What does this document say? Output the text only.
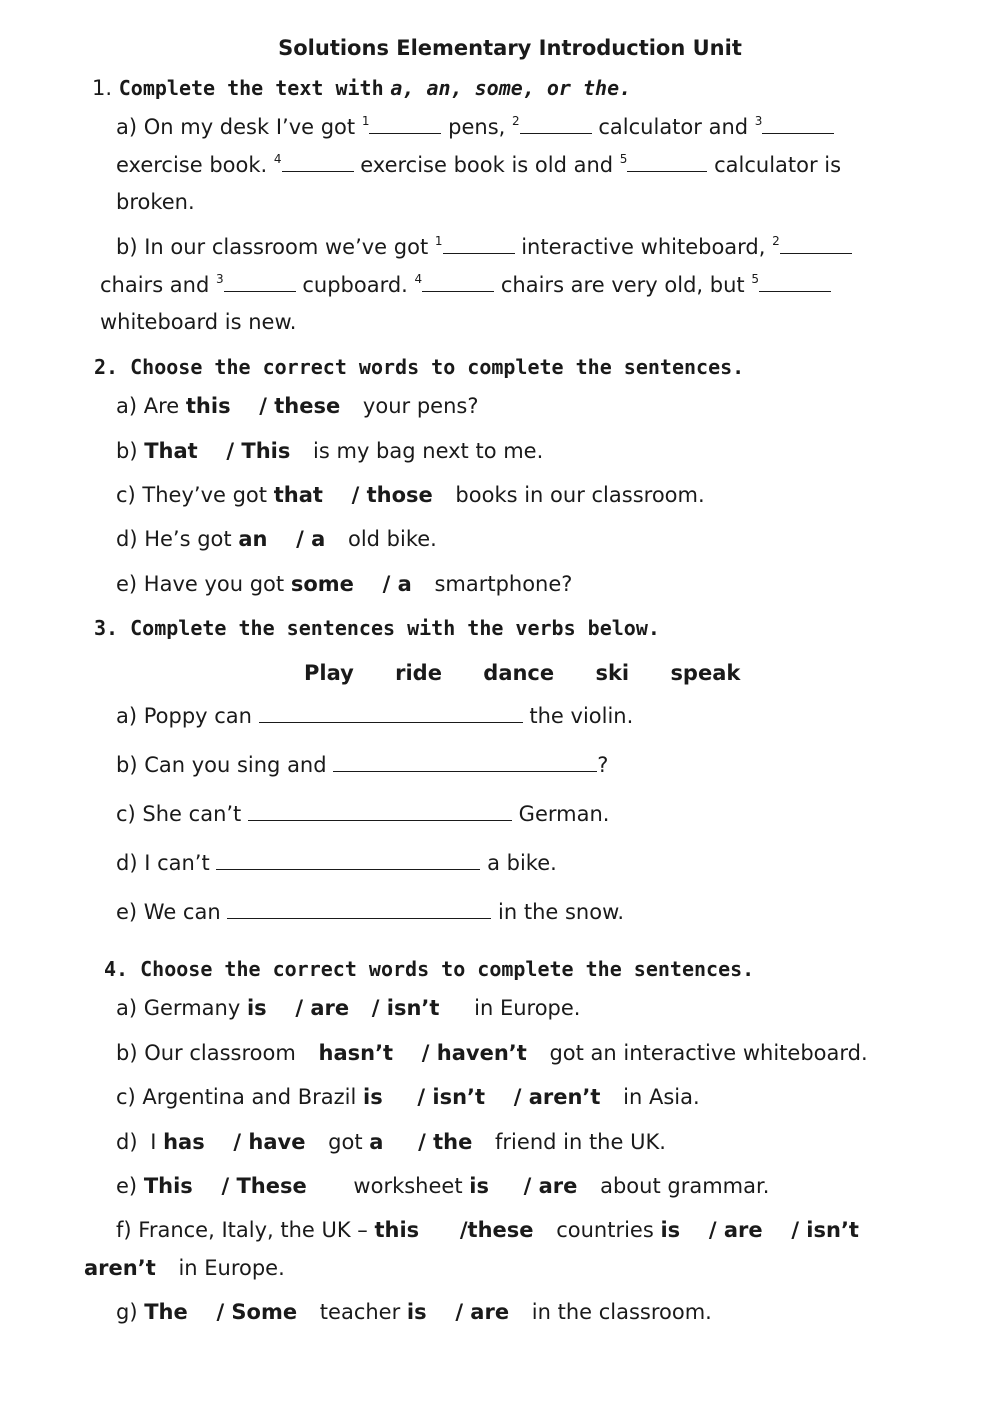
Solutions Elementary Introduction Unit
1. Complete the text with a, an, some, or the.
a) On my desk I’ve got $^1$	pens, $^2$	calculator and $^3$
exercise book. $^4$	exercise book is old and $^5$	calculator is
broken.
b) In our classroom we’ve got $^1$	interactive whiteboard, $^2$
chairs and $^3$	cupboard. $^4$	chairs are very old, but $^5$
whiteboard is new.
2. Choose the correct words to complete the sentences.
a) Are this / these your pens?
b) That / This is my bag next to me.
c) They’ve got that / those books in our classroom.
d) He’s got an / a old bike.
e) Have you got some / a smartphone?
3. Complete the sentences with the verbs below.
Play ride dance ski speak
a) Poppy can	the violin.
b) Can you sing and	?
c) She can’t	German.
d) I can’t	a bike.
e) We can	in the snow.
4. Choose the correct words to complete the sentences.
a) Germany is / are / isn’t in Europe.
b) Our classroom hasn’t / haven’t got an interactive whiteboard.
c) Argentina and Brazil is / isn’t / aren’t in Asia.
d) I has / have got a / the friend in the UK.
e) This / These worksheet is / are about grammar.
f) France, Italy, the UK – this /these countries is / are / isn’t
aren’t in Europe.
g) The / Some teacher is / are in the classroom.
